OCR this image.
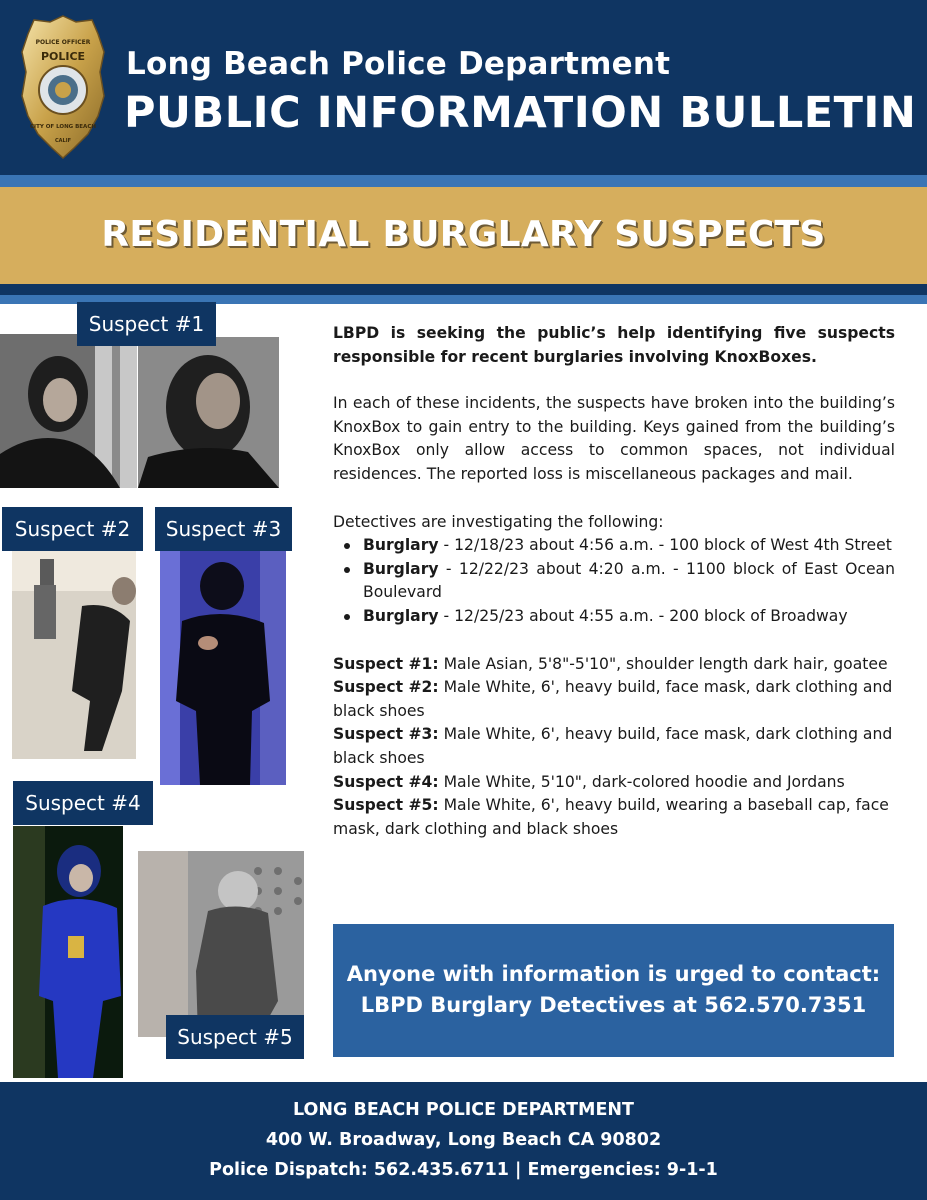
POLICE OFFICER
POLICE
CITY OF LONG BEACH
CALIF
Long Beach Police Department
PUBLIC INFORMATION BULLETIN
RESIDENTIAL BURGLARY SUSPECTS
Suspect #1
Suspect #2	Suspect #3
Suspect #4
Suspect #5

LBPD is seeking the public’s help identifying five suspects responsible for recent burglaries involving KnoxBoxes.

In each of these incidents, the suspects have broken into the building’s KnoxBox to gain entry to the building. Keys gained from the building’s KnoxBox only allow access to common spaces, not individual residences. The reported loss is miscellaneous packages and mail.

Detectives are investigating the following:

Burglary - 12/18/23 about 4:56 a.m. - 100 block of West 4th Street
Burglary - 12/22/23 about 4:20 a.m. - 1100 block of East Ocean Boulevard
Burglary - 12/25/23 about 4:55 a.m. - 200 block of Broadway
Suspect #1: Male Asian, 5'8"-5'10", shoulder length dark hair, goatee
Suspect #2: Male White, 6', heavy build, face mask, dark clothing and black shoes
Suspect #3: Male White, 6', heavy build, face mask, dark clothing and black shoes
Suspect #4: Male White, 5'10", dark-colored hoodie and Jordans
Suspect #5: Male White, 6', heavy build, wearing a baseball cap, face mask, dark clothing and black shoes
Anyone with information is urged to contact:
LBPD Burglary Detectives at 562.570.7351
LONG BEACH POLICE DEPARTMENT
400 W. Broadway, Long Beach CA 90802
Police Dispatch: 562.435.6711 | Emergencies: 9-1-1
